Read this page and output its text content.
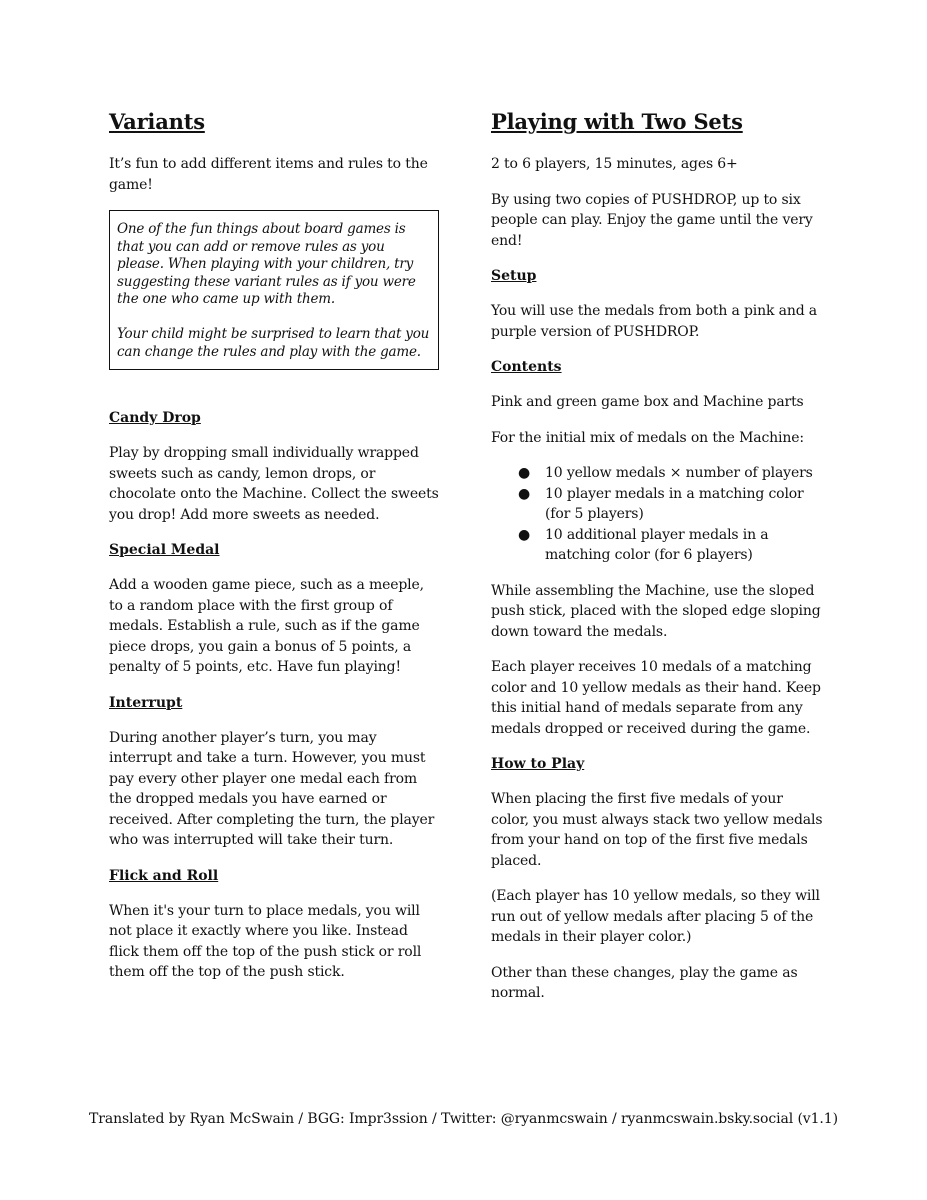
Variants

It’s fun to add different items and rules to the game!

One of the fun things about board games is that you can add or remove rules as you please. When playing with your children, try suggesting these variant rules as if you were the one who came up with them.

Your child might be surprised to learn that you can change the rules and play with the game.

Candy Drop

Play by dropping small individually wrapped sweets such as candy, lemon drops, or chocolate onto the Machine. Collect the sweets you drop! Add more sweets as needed.

Special Medal

Add a wooden game piece, such as a meeple, to a random place with the first group of medals. Establish a rule, such as if the game piece drops, you gain a bonus of 5 points, a penalty of 5 points, etc. Have fun playing!

Interrupt

During another player’s turn, you may interrupt and take a turn. However, you must pay every other player one medal each from the dropped medals you have earned or received. After completing the turn, the player who was interrupted will take their turn.

Flick and Roll

When it's your turn to place medals, you will not place it exactly where you like. Instead flick them off the top of the push stick or roll them off the top of the push stick.

Playing with Two Sets

2 to 6 players, 15 minutes, ages 6+

By using two copies of PUSHDROP, up to six people can play. Enjoy the game until the very end!

Setup

You will use the medals from both a pink and a purple version of PUSHDROP.

Contents

Pink and green game box and Machine parts

For the initial mix of medals on the Machine:

● 10 yellow medals × number of players
● 10 player medals in a matching color (for 5 players)
● 10 additional player medals in a matching color (for 6 players)

While assembling the Machine, use the sloped push stick, placed with the sloped edge sloping down toward the medals.

Each player receives 10 medals of a matching color and 10 yellow medals as their hand. Keep this initial hand of medals separate from any medals dropped or received during the game.

How to Play

When placing the first five medals of your color, you must always stack two yellow medals from your hand on top of the first five medals placed.

(Each player has 10 yellow medals, so they will run out of yellow medals after placing 5 of the medals in their player color.)

Other than these changes, play the game as normal.

Translated by Ryan McSwain / BGG: Impr3ssion / Twitter: @ryanmcswain / ryanmcswain.bsky.social (v1.1)
